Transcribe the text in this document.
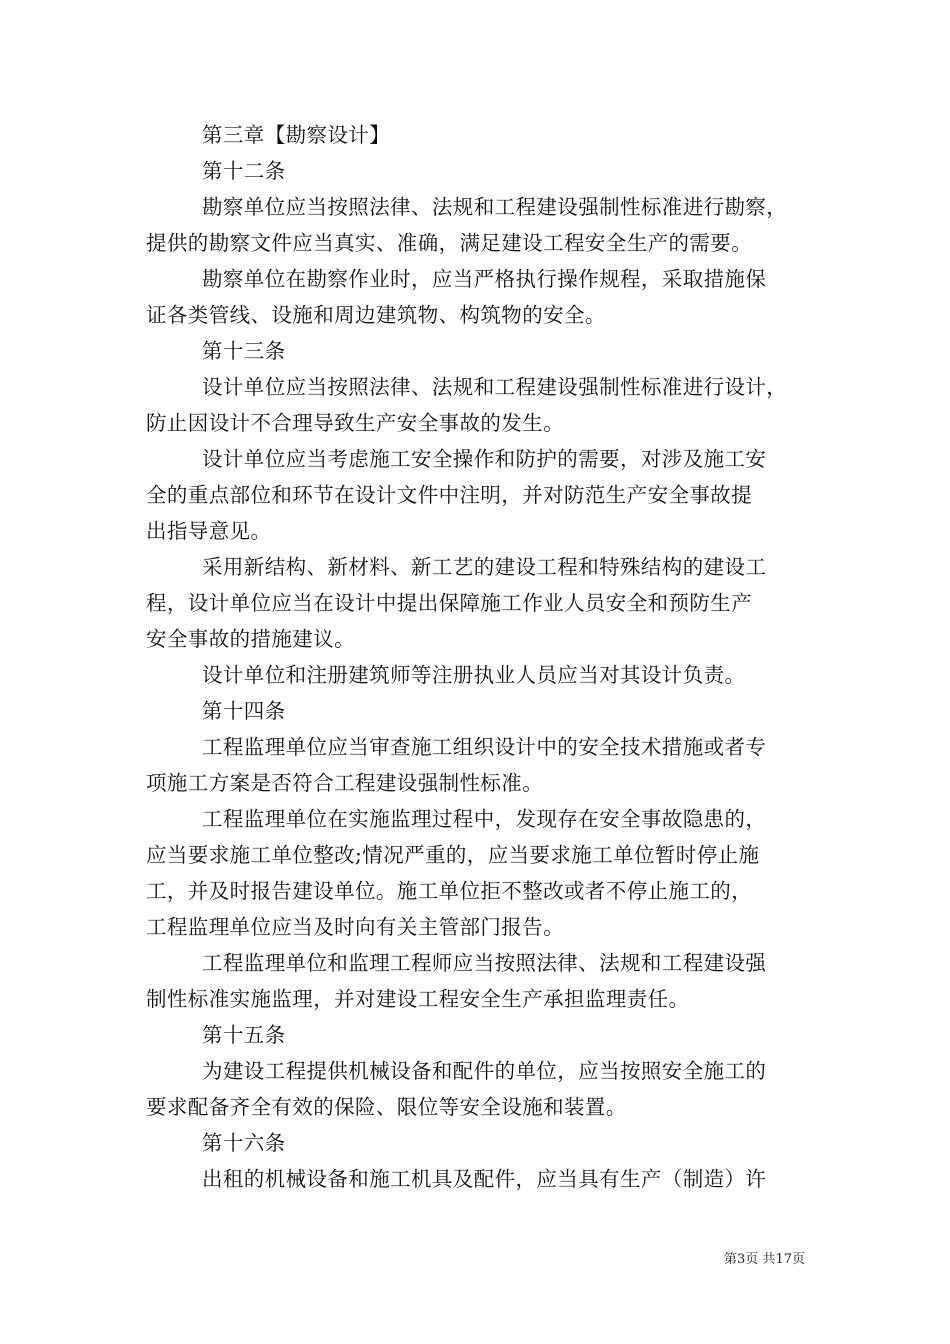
第三章【勘察设计】
第十二条
勘察单位应当按照法律、法规和工程建设强制性标准进行勘察，
提供的勘察文件应当真实、准确，满足建设工程安全生产的需要。
勘察单位在勘察作业时，应当严格执行操作规程，采取措施保
证各类管线、设施和周边建筑物、构筑物的安全。
第十三条
设计单位应当按照法律、法规和工程建设强制性标准进行设计，
防止因设计不合理导致生产安全事故的发生。
设计单位应当考虑施工安全操作和防护的需要，对涉及施工安
全的重点部位和环节在设计文件中注明，并对防范生产安全事故提
出指导意见。
采用新结构、新材料、新工艺的建设工程和特殊结构的建设工
程，设计单位应当在设计中提出保障施工作业人员安全和预防生产
安全事故的措施建议。
设计单位和注册建筑师等注册执业人员应当对其设计负责。
第十四条
工程监理单位应当审查施工组织设计中的安全技术措施或者专
项施工方案是否符合工程建设强制性标准。
工程监理单位在实施监理过程中，发现存在安全事故隐患的，
应当要求施工单位整改;情况严重的，应当要求施工单位暂时停止施
工，并及时报告建设单位。施工单位拒不整改或者不停止施工的，
工程监理单位应当及时向有关主管部门报告。
工程监理单位和监理工程师应当按照法律、法规和工程建设强
制性标准实施监理，并对建设工程安全生产承担监理责任。
第十五条
为建设工程提供机械设备和配件的单位，应当按照安全施工的
要求配备齐全有效的保险、限位等安全设施和装置。
第十六条
出租的机械设备和施工机具及配件，应当具有生产（制造）许
第3页 共17页
